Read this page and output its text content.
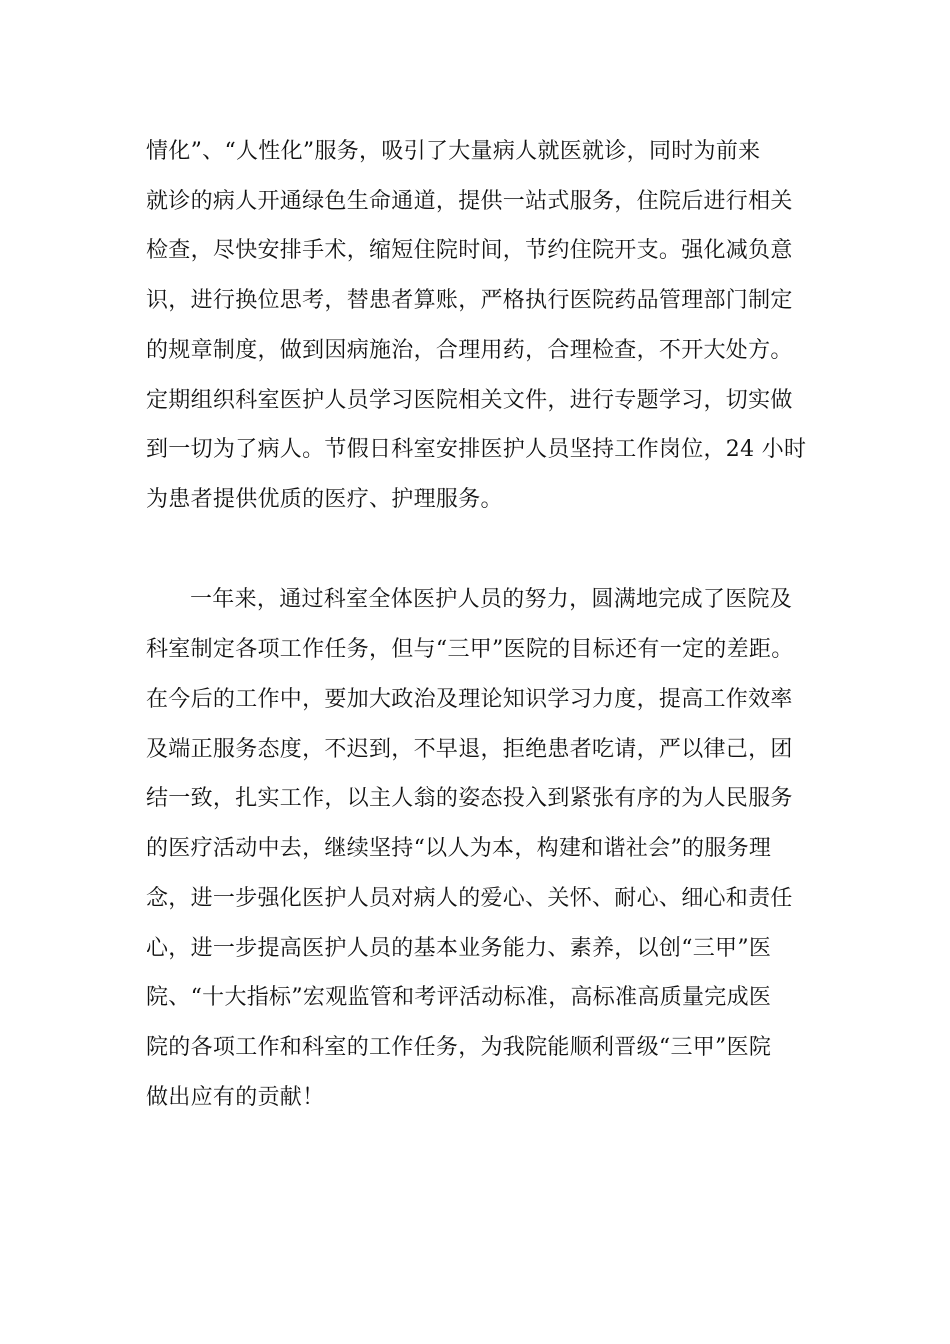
情化”、“人性化”服务，吸引了大量病人就医就诊，同时为前来
就诊的病人开通绿色生命通道，提供一站式服务，住院后进行相关
检查，尽快安排手术，缩短住院时间，节约住院开支。强化减负意
识，进行换位思考，替患者算账，严格执行医院药品管理部门制定
的规章制度，做到因病施治，合理用药，合理检查，不开大处方。
定期组织科室医护人员学习医院相关文件，进行专题学习，切实做
到一切为了病人。节假日科室安排医护人员坚持工作岗位，24 小时
为患者提供优质的医疗、护理服务。
一年来，通过科室全体医护人员的努力，圆满地完成了医院及
科室制定各项工作任务，但与“三甲”医院的目标还有一定的差距。
在今后的工作中，要加大政治及理论知识学习力度，提高工作效率
及端正服务态度，不迟到，不早退，拒绝患者吃请，严以律己，团
结一致，扎实工作，以主人翁的姿态投入到紧张有序的为人民服务
的医疗活动中去，继续坚持“以人为本，构建和谐社会”的服务理
念，进一步强化医护人员对病人的爱心、关怀、耐心、细心和责任
心，进一步提高医护人员的基本业务能力、素养，以创“三甲”医
院、“十大指标”宏观监管和考评活动标准，高标准高质量完成医
院的各项工作和科室的工作任务，为我院能顺利晋级“三甲”医院
做出应有的贡献！
